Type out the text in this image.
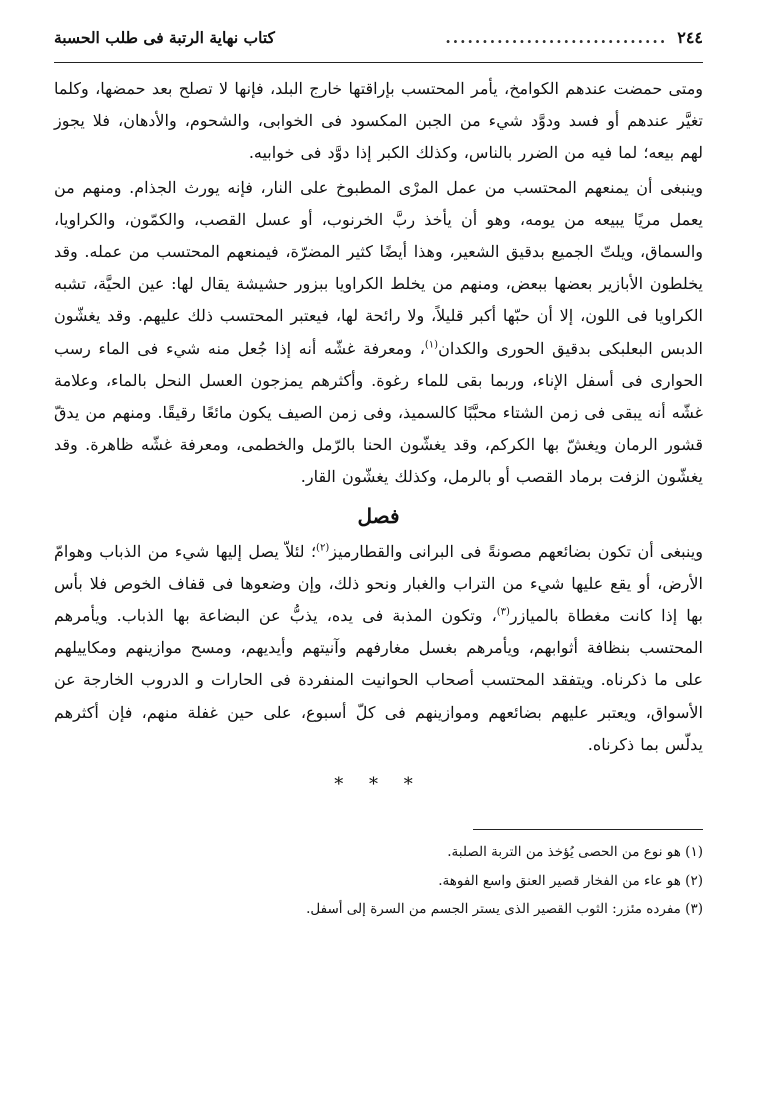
٢٤٤
..............................
كتاب نهاية الرتبة فى طلب الحسبة

ومتى حمضت عندهم الكوامخ، يأمر المحتسب بإراقتها خارج البلد، فإنها لا تصلح بعد حمضها، وكلما تغيَّر عندهم أو فسد ودوَّد شيء من الجبن المكسود فى الخوابى، والشحوم، والأدهان، فلا يجوز لهم بيعه؛ لما فيه من الضرر بالناس، وكذلك الكبر إذا دوَّد فى خوابيه.

وينبغى أن يمنعهم المحتسب من عمل المرْى المطبوخ على النار، فإنه يورث الجذام. ومنهم من يعمل مريًا يبيعه من يومه، وهو أن يأخذ ربَّ الخرنوب، أو عسل القصب، والكمّون، والكراويا، والسماق، ويلتّ الجميع بدقيق الشعير، وهذا أيضًا كثير المضرّة، فيمنعهم المحتسب من عمله. وقد يخلطون الأبازير بعضها ببعض، ومنهم من يخلط الكراويا ببزور حشيشة يقال لها: عين الحيَّة، تشبه الكراويا فى اللون، إلا أن حبّها أكبر قليلاً، ولا رائحة لها، فيعتبر المحتسب ذلك عليهم. وقد يغشّون الدبس البعلبكى بدقيق الحورى والكدان$^{(١)}$، ومعرفة غشّه أنه إذا جُعل منه شيء فى الماء رسب الحوارى فى أسفل الإناء، وربما بقى للماء رغوة. وأكثرهم يمزجون العسل النحل بالماء، وعلامة غشّه أنه يبقى فى زمن الشتاء محبَّبًا كالسميذ، وفى زمن الصيف يكون مائعًا رقيقًا. ومنهم من يدقّ قشور الرمان ويغشّ بها الكركم، وقد يغشّون الحنا بالرّمل والخطمى، ومعرفة غشّه ظاهرة. وقد يغشّون الزفت برماد القصب أو بالرمل، وكذلك يغشّون القار.

فصل

وينبغى أن تكون بضائعهم مصونةً فى البرانى والقطارميز$^{(٢)}$؛ لئلاّ يصل إليها شيء من الذباب وهوامّ الأرض، أو يقع عليها شيء من التراب والغبار ونحو ذلك، وإن وضعوها فى قفاف الخوص فلا بأس بها إذا كانت مغطاة بالميازر$^{(٣)}$، وتكون المذبة فى يده، يذبُّ عن البضاعة بها الذباب. ويأمرهم المحتسب بنظافة أثوابهم، ويأمرهم بغسل مغارفهم وآنيتهم وأيديهم، ومسح موازينهم ومكاييلهم على ما ذكرناه. ويتفقد المحتسب أصحاب الحوانيت المنفردة فى الحارات و الدروب الخارجة عن الأسواق، ويعتبر عليهم بضائعهم وموازينهم فى كلّ أسبوع، على حين غفلة منهم، فإن أكثرهم يدلّس بما ذكرناه.

* * *

(١) هو نوع من الحصى يُؤخذ من التربة الصلبة.

(٢) هو عاء من الفخار قصير العنق واسع الفوهة.

(٣) مفرده مئزر: الثوب القصير الذى يستر الجسم من السرة إلى أسفل.
